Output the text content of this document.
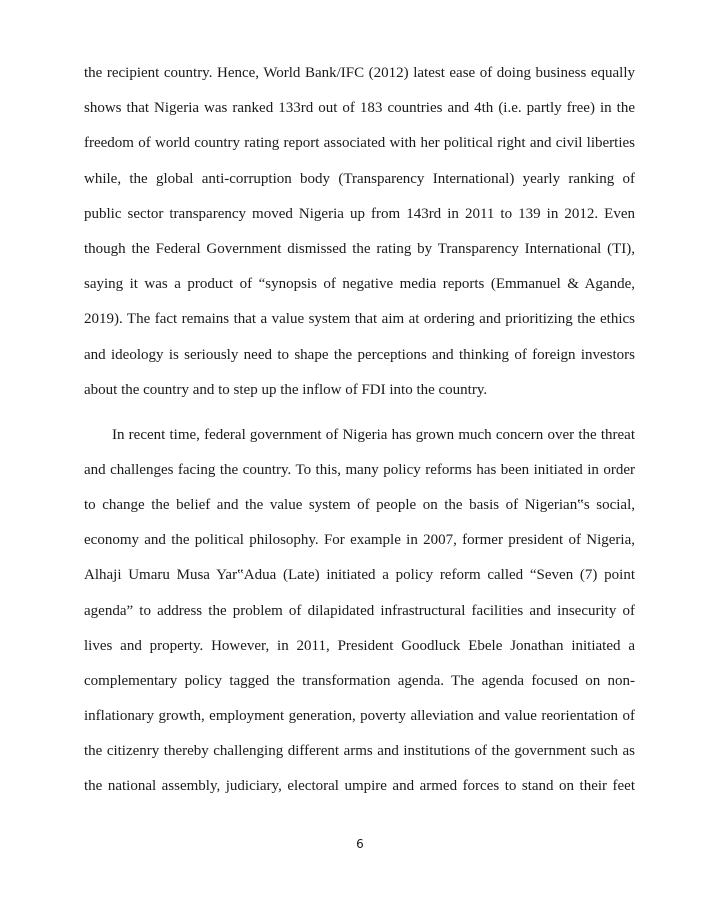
the recipient country. Hence, World Bank/IFC (2012) latest ease of doing business equally
shows that Nigeria was ranked 133rd out of 183 countries and 4th (i.e. partly free) in the
freedom of world country rating report associated with her political right and civil liberties
while, the global anti-corruption body (Transparency International) yearly ranking of
public sector transparency moved Nigeria up from 143rd in 2011 to 139 in 2012. Even
though the Federal Government dismissed the rating by Transparency International (TI),
saying it was a product of “synopsis of negative media reports (Emmanuel & Agande,
2019). The fact remains that a value system that aim at ordering and prioritizing the ethics
and ideology is seriously need to shape the perceptions and thinking of foreign investors
about the country and to step up the inflow of FDI into the country.
In recent time, federal government of Nigeria has grown much concern over the threat
and challenges facing the country. To this, many policy reforms has been initiated in order
to change the belief and the value system of people on the basis of Nigerian‟s social,
economy and the political philosophy. For example in 2007, former president of Nigeria,
Alhaji Umaru Musa Yar‟Adua (Late) initiated a policy reform called “Seven (7) point
agenda” to address the problem of dilapidated infrastructural facilities and insecurity of
lives and property. However, in 2011, President Goodluck Ebele Jonathan initiated a
complementary policy tagged the transformation agenda. The agenda focused on non-
inflationary growth, employment generation, poverty alleviation and value reorientation of
the citizenry thereby challenging different arms and institutions of the government such as
the national assembly, judiciary, electoral umpire and armed forces to stand on their feet
6
